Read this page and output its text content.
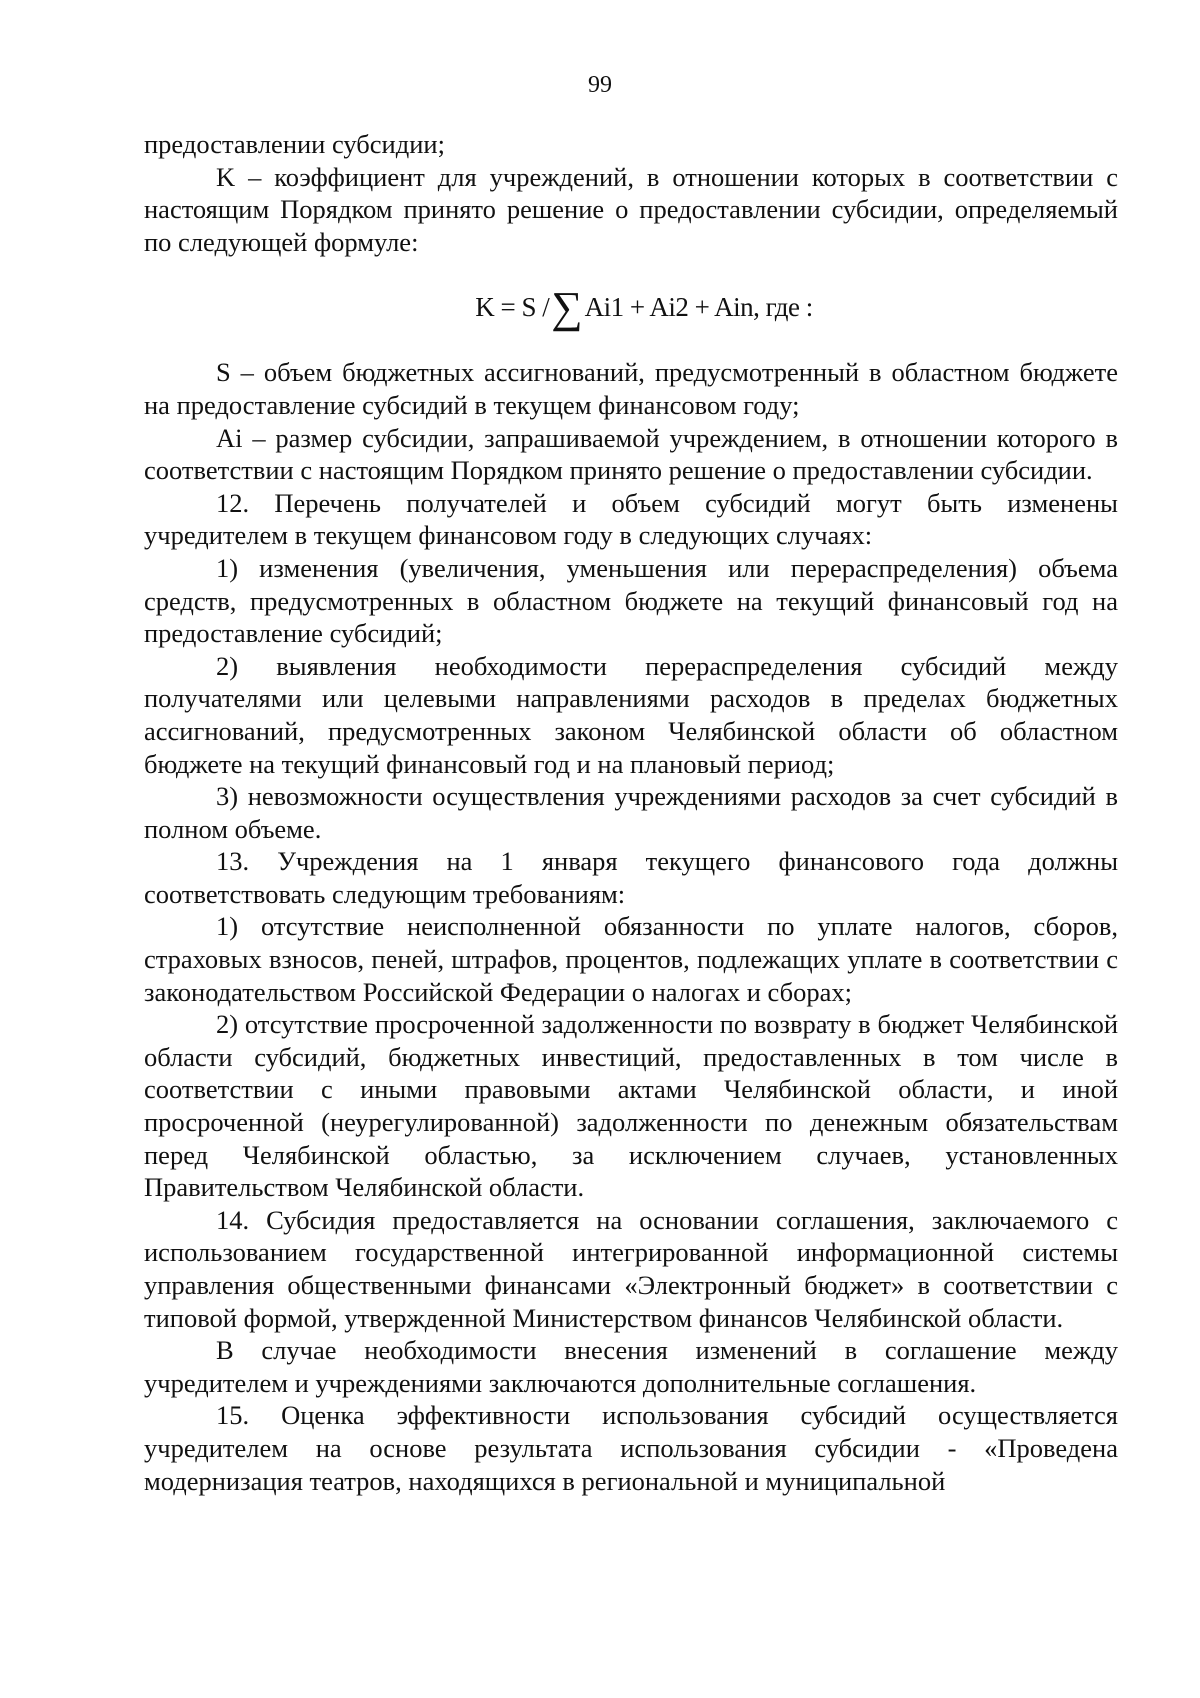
99

предоставлении субсидии;

K – коэффициент для учреждений, в отношении которых в соответствии с настоящим Порядком принято решение о предоставлении субсидии, определяемый по следующей формуле:

K = S /∑Ai1 + Ai2 + Ain, где :

S – объем бюджетных ассигнований, предусмотренный в областном бюджете на предоставление субсидий в текущем финансовом году;

Ai – размер субсидии, запрашиваемой учреждением, в отношении которого в соответствии с настоящим Порядком принято решение о предоставлении субсидии.

12. Перечень получателей и объем субсидий могут быть изменены учредителем в текущем финансовом году в следующих случаях:

1) изменения (увеличения, уменьшения или перераспределения) объема средств, предусмотренных в областном бюджете на текущий финансовый год на предоставление субсидий;

2) выявления необходимости перераспределения субсидий между получателями или целевыми направлениями расходов в пределах бюджетных ассигнований, предусмотренных законом Челябинской области об областном бюджете на текущий финансовый год и на плановый период;

3) невозможности осуществления учреждениями расходов за счет субсидий в полном объеме.

13. Учреждения на 1 января текущего финансового года должны соответствовать следующим требованиям:

1) отсутствие неисполненной обязанности по уплате налогов, сборов, страховых взносов, пеней, штрафов, процентов, подлежащих уплате в соответствии с законодательством Российской Федерации о налогах и сборах;

2) отсутствие просроченной задолженности по возврату в бюджет Челябинской области субсидий, бюджетных инвестиций, предоставленных в том числе в соответствии с иными правовыми актами Челябинской области, и иной просроченной (неурегулированной) задолженности по денежным обязательствам перед Челябинской областью, за исключением случаев, установленных Правительством Челябинской области.

14. Субсидия предоставляется на основании соглашения, заключаемого с использованием государственной интегрированной информационной системы управления общественными финансами «Электронный бюджет» в соответствии с типовой формой, утвержденной Министерством финансов Челябинской области.

В случае необходимости внесения изменений в соглашение между учредителем и учреждениями заключаются дополнительные соглашения.

15. Оценка эффективности использования субсидий осуществляется учредителем на основе результата использования субсидии - «Проведена модернизация театров, находящихся в региональной и муниципальной
